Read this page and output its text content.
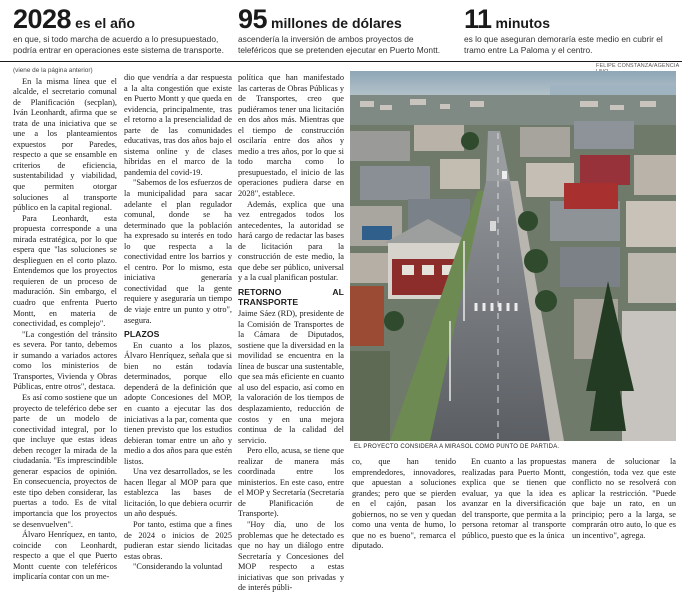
2028 es el año
en que, si todo marcha de acuerdo a lo presupuestado, podría entrar en operaciones este sistema de transporte.
95 millones de dólares
ascendería la inversión de ambos proyectos de teleféricos que se pretenden ejecutar en Puerto Montt.
11 minutos
es lo que aseguran demoraría este medio en cubrir el tramo entre La Paloma y el centro.
FELIPE CONSTANZA/AGENCIA
(viene de la página anterior)

En la misma línea que el alcalde, el secretario comunal de Planificación (secplan), Iván Leonhardt, afirma que se trata de una iniciativa que se une a los planteamientos expuestos por Paredes, respecto a que se ensamble en criterios de eficiencia, sustentabilidad y viabilidad, que permiten otorgar soluciones al transporte público en la capital regional.

Para Leonhardt, esta propuesta corresponde a una mirada estratégica, por lo que espera que "las soluciones se desplieguen en el corto plazo. Entendemos que los proyectos requieren de un proceso de maduración. Sin embargo, el cuadro que enfrenta Puerto Montt, en materia de conectividad, es complejo".

"La congestión del tránsito es severa. Por tanto, debemos ir sumando a variados actores como los ministerios de Transportes, Vivienda y Obras Públicas, entre otros", destaca.

Es así como sostiene que un proyecto de teleférico debe ser parte de un modelo de conectividad integral, por lo que incluye que estas ideas deben recoger la mirada de la ciudadanía. "Es imprescindible generar espacios de opinión. En consecuencia, proyectos de este tipo deben considerar, las puertas a todo. Es de vital importancia que los proyectos se desenvuelven".

Álvaro Henríquez, en tanto, coincide con Leonhardt, respecto a que el que Puerto Montt cuente con teleféricos implicaría contar con un me-

dio que vendría a dar respuesta a la alta congestión que existe en Puerto Montt y que queda en evidencia, principalmente, tras el retorno a la presencialidad de parte de las comunidades educativas, tras dos años bajo el sistema online y de clases híbridas en el marco de la pandemia del covid-19.

"Sabemos de los esfuerzos de la municipalidad para sacar adelante el plan regulador comunal, donde se ha determinado que la población ha expresado su interés en todo lo que respecta a la conectividad entre los barrios y el centro. Por lo mismo, esta iniciativa generaría conectividad que la gente requiere y aseguraría un tiempo de viaje entre un punto y otro", asegura.

PLAZOS

En cuanto a los plazos, Álvaro Henríquez, señala que si bien no están todavía determinados, porque ello dependerá de la definición que adopte Concesiones del MOP, en cuanto a ejecutar las dos iniciativas a la par, comenta que tienen previsto que los estudios debieran tomar entre un año y medio a dos años para que estén listos.

Una vez desarrollados, se les hacen llegar al MOP para que establezca las bases de licitación, lo que debiera ocurrir un año después.

Por tanto, estima que a fines de 2024 o inicios de 2025 pudieran estar siendo licitadas estas obras.

"Considerando la voluntad

política que han manifestado las carteras de Obras Públicas y de Transportes, creo que pudiéramos tener una licitación en dos años más. Mientras que el tiempo de construcción oscilaría entre dos años y medio a tres años, por lo que si todo marcha como lo presupuestado, el inicio de las operaciones pudiera darse en 2028", establece.

Además, explica que una vez entregados todos los antecedentes, la autoridad se hará cargo de redactar las bases de licitación para la construcción de este medio, la que debe ser público, universal y a la cual planifican postular.

RETORNO AL TRANSPORTE

Jaime Sáez (RD), presidente de la Comisión de Transportes de la Cámara de Diputados, sostiene que la diversidad en la movilidad se encuentra en la línea de buscar una sustentable, que sea más eficiente en cuanto al uso del espacio, así como en la valoración de los tiempos de desplazamiento, reducción de costos y en una mejora continua de la calidad del servicio.

Pero ello, acusa, se tiene que realizar de manera más coordinada entre los ministerios. En este caso, entre el MOP y Secretaría (Secretaría de Planificación de Transporte).

"Hoy día, uno de los problemas que he detectado es que no hay un diálogo entre Secretaría y Concesiones del MOP respecto a estas iniciativas que son privadas y de interés públi-

EL PROYECTO CONSIDERA A MIRASOL COMO PUNTO DE PARTIDA.

co, que han tenido emprendedores, innovadores, que apuestan a soluciones grandes; pero que se pierden en el cajón, pasan los gobiernos, no se ven y quedan como una venta de humo, lo que no es bueno", remarca el diputado.

En cuanto a las propuestas realizadas para Puerto Montt, explica que se tienen que evaluar, ya que la idea es avanzar en la diversificación del transporte, que permita a la persona retomar al transporte público, puesto que es la única

manera de solucionar la congestión, toda vez que este conflicto no se resolverá con aplicar la restricción. "Puede que baje un rato, en un principio; pero a la larga, se comprarán otro auto, lo que es un incentivo", agrega.
